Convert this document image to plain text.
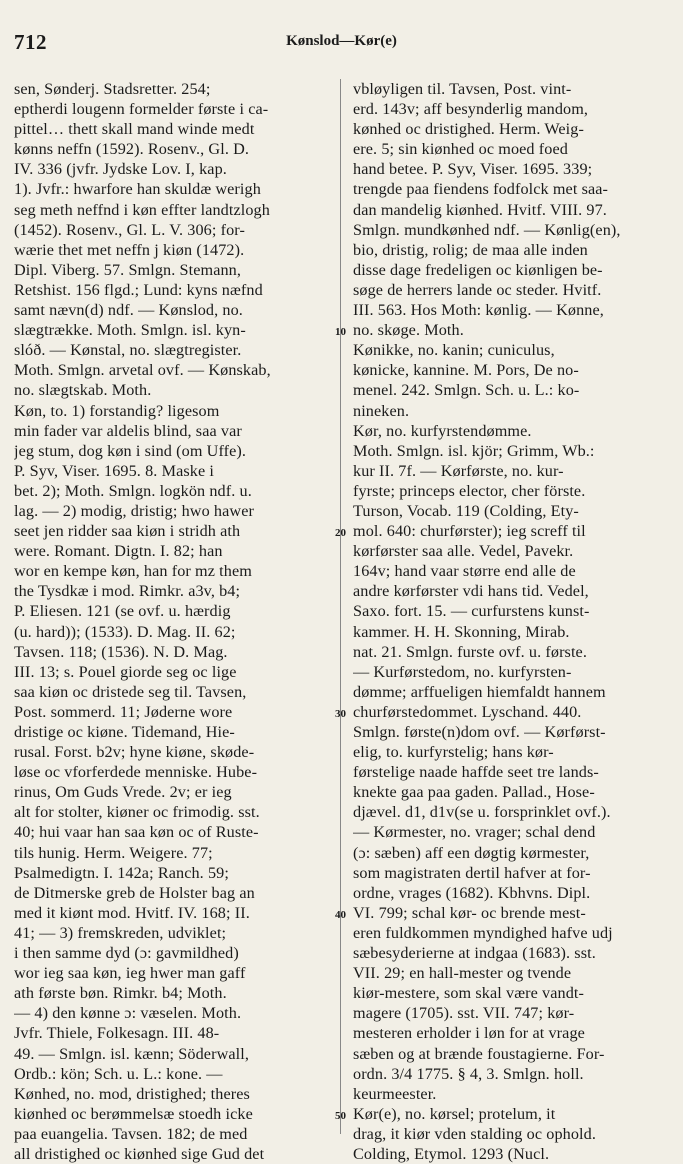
712	Kønslod—Kør(e)
sen, Sønderj. Stadsretter. 254;
eptherdi lougenn formelder første i ca-
pittel… thett skall mand winde medt
kønns neffn (1592). Rosenv., Gl. D.
IV. 336 (jvfr. Jydske Lov. I, kap.
1). Jvfr.: hwarfore han skuldæ werigh
seg meth neffnd i køn effter landtzlogh
(1452). Rosenv., Gl. L. V. 306; for-
wærie thet met neffn j kiøn (1472).
Dipl. Viberg. 57. Smlgn. Stemann,
Retshist. 156 flgd.; Lund: kyns næfnd
samt nævn(d) ndf. — Kønslod, no.
slægtrække. Moth. Smlgn. isl. kyn-
slóð. — Kønstal, no. slægtregister.
Moth. Smlgn. arvetal ovf. — Kønskab,
no. slægtskab. Moth.
Køn, to. 1) forstandig? ligesom
min fader var aldelis blind, saa var
jeg stum, dog køn i sind (om Uffe).
P. Syv, Viser. 1695. 8. Maske i
bet. 2); Moth. Smlgn. logkön ndf. u.
lag. — 2) modig, dristig; hwo hawer
seet jen ridder saa kiøn i stridh ath
were. Romant. Digtn. I. 82; han
wor en kempe køn, han for mz them
the Tysdkæ i mod. Rimkr. a3v, b4;
P. Eliesen. 121 (se ovf. u. hærdig
(u. hard)); (1533). D. Mag. II. 62;
Tavsen. 118; (1536). N. D. Mag.
III. 13; s. Pouel giorde seg oc lige
saa kiøn oc dristede seg til. Tavsen,
Post. sommerd. 11; Jøderne wore
dristige oc kiøne. Tidemand, Hie-
rusal. Forst. b2v; hyne kiøne, skøde-
løse oc vforferdede menniske. Hube-
rinus, Om Guds Vrede. 2v; er ieg
alt for stolter, kiøner oc frimodig. sst.
40; hui vaar han saa køn oc of Ruste-
tils hunig. Herm. Weigere. 77;
Psalmedigtn. I. 142a; Ranch. 59;
de Ditmerske greb de Holster bag an
med it kiønt mod. Hvitf. IV. 168; II.
41; — 3) fremskreden, udviklet;
i then samme dyd (ɔ: gavmildhed)
wor ieg saa køn, ieg hwer man gaff
ath første bøn. Rimkr. b4; Moth.
— 4) den kønne ɔ: væselen. Moth.
Jvfr. Thiele, Folkesagn. III. 48-
49. — Smlgn. isl. kænn; Söderwall,
Ordb.: kön; Sch. u. L.: kone. —
Kønhed, no. mod, dristighed; theres
kiønhed oc berømmelsæ stoedh icke
paa euangelia. Tavsen. 182; de med
all dristighed oc kiønhed sige Gud det
vbløyligen til. Tavsen, Post. vint-
erd. 143v; aff besynderlig mandom,
kønhed oc dristighed. Herm. Weig-
ere. 5; sin kiønhed oc moed foed
hand betee. P. Syv, Viser. 1695. 339;
trengde paa fiendens fodfolck met saa-
dan mandelig kiønhed. Hvitf. VIII. 97.
Smlgn. mundkønhed ndf. — Kønlig(en),
bio, dristig, rolig; de maa alle inden
disse dage fredeligen oc kiønligen be-
søge de herrers lande oc steder. Hvitf.
III. 563. Hos Moth: kønlig. — Kønne,
no. skøge. Moth.
Kønikke, no. kanin; cuniculus,
kønicke, kannine. M. Pors, De no-
menel. 242. Smlgn. Sch. u. L.: ko-
nineken.
Kør, no. kurfyrstendømme.
Moth. Smlgn. isl. kjör; Grimm, Wb.:
kur II. 7f. — Kørførste, no. kur-
fyrste; princeps elector, cher förste.
Turson, Vocab. 119 (Colding, Ety-
mol. 640: churførster); ieg screff til
kørførster saa alle. Vedel, Pavekr.
164v; hand vaar større end alle de
andre kørførster vdi hans tid. Vedel,
Saxo. fort. 15. — curfurstens kunst-
kammer. H. H. Skonning, Mirab.
nat. 21. Smlgn. furste ovf. u. første.
— Kurførstedom, no. kurfyrsten-
dømme; arffueligen hiemfaldt hannem
churførstedommet. Lyschand. 440.
Smlgn. første(n)dom ovf. — Kørførst-
elig, to. kurfyrstelig; hans kør-
førstelige naade haffde seet tre lands-
knekte gaa paa gaden. Pallad., Hose-
djævel. d1, d1v(se u. forsprinklet ovf.).
— Kørmester, no. vrager; schal dend
(ɔ: sæben) aff een døgtig kørmester,
som magistraten dertil hafver at for-
ordne, vrages (1682). Kbhvns. Dipl.
VI. 799; schal kør- oc brende mest-
eren fuldkommen myndighed hafve udj
sæbesyderierne at indgaa (1683). sst.
VII. 29; en hall-mester og tvende
kiør-mestere, som skal være vandt-
magere (1705). sst. VII. 747; kør-
mesteren erholder i løn for at vrage
sæben og at brænde foustagierne. For-
ordn. 3/4 1775. § 4, 3. Smlgn. holl.
keurmeester.
Kør(e), no. kørsel; protelum, it
drag, it kiør vden stalding oc ophold.
Colding, Etymol. 1293 (Nucl.
10
20
30
40
50
